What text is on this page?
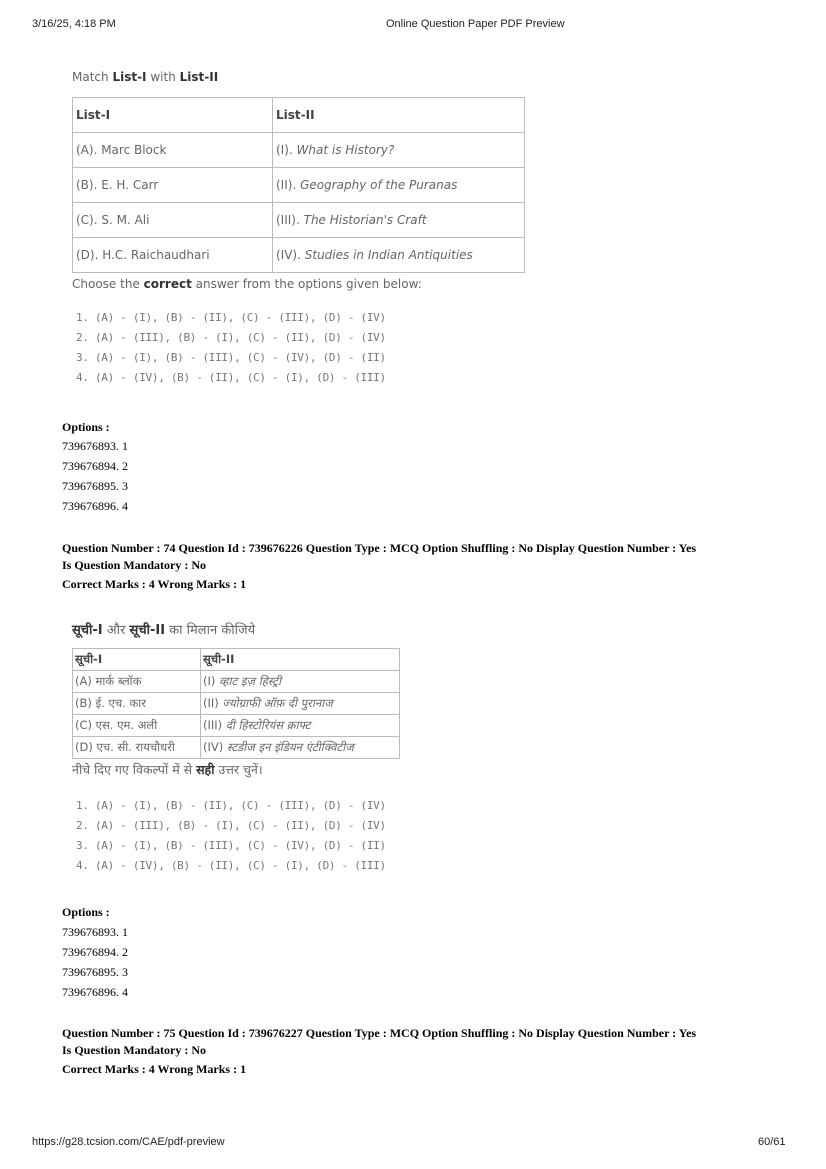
3/16/25, 4:18 PM	Online Question Paper PDF Preview
Match List-I with List-II
List-I	List-II
(A). Marc Block	(I). What is History?
(B). E. H. Carr	(II). Geography of the Puranas
(C). S. M. Ali	(III). The Historian's Craft
(D). H.C. Raichaudhari	(IV). Studies in Indian Antiquities
Choose the correct answer from the options given below:
1. (A) - (I), (B) - (II), (C) - (III), (D) - (IV)
2. (A) - (III), (B) - (I), (C) - (II), (D) - (IV)
3. (A) - (I), (B) - (III), (C) - (IV), (D) - (II)
4. (A) - (IV), (B) - (II), (C) - (I), (D) - (III)
Options :
739676893. 1
739676894. 2
739676895. 3
739676896. 4
Question Number : 74 Question Id : 739676226 Question Type : MCQ Option Shuffling : No Display Question Number : Yes
Is Question Mandatory : No
Correct Marks : 4 Wrong Marks : 1
सूची-I और सूची-II का मिलान कीजिये
सूची-I	सूची-II
(A) मार्क ब्लॉक	(I) व्हाट इज़ हिस्ट्री
(B) ई. एच. कार	(II) ज्योग्राफी ऑफ़ दी पुरानाज
(C) एस. एम. अली	(III) दी हिस्टोरियंस क्राफ्ट
(D) एच. सी. रायचौधरी	(IV) स्टडीज इन इंडियन एंटीक्विटीज
नीचे दिए गए विकल्पों में से सही उत्तर चुनें।
1. (A) - (I), (B) - (II), (C) - (III), (D) - (IV)
2. (A) - (III), (B) - (I), (C) - (II), (D) - (IV)
3. (A) - (I), (B) - (III), (C) - (IV), (D) - (II)
4. (A) - (IV), (B) - (II), (C) - (I), (D) - (III)
Options :
739676893. 1
739676894. 2
739676895. 3
739676896. 4
Question Number : 75 Question Id : 739676227 Question Type : MCQ Option Shuffling : No Display Question Number : Yes
Is Question Mandatory : No
Correct Marks : 4 Wrong Marks : 1
https://g28.tcsion.com/CAE/pdf-preview	60/61
